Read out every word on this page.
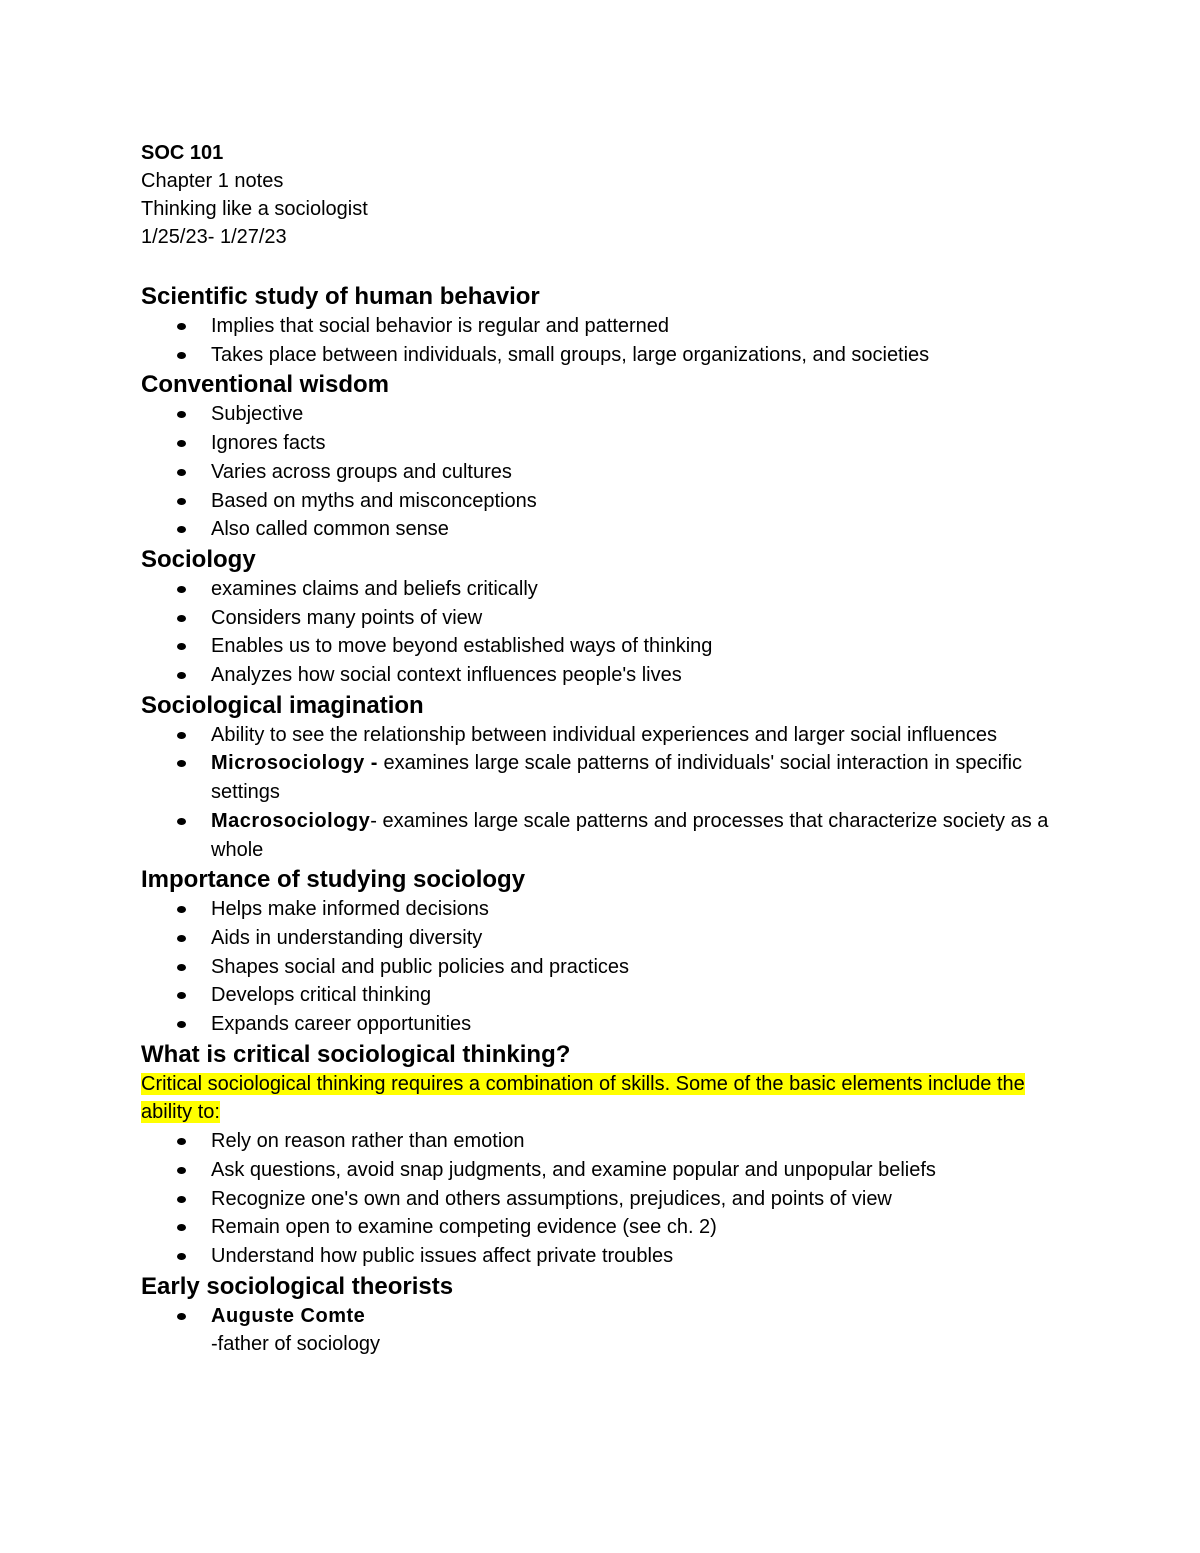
SOC 101
Chapter 1 notes
Thinking like a sociologist
1/25/23- 1/27/23
Scientific study of human behavior
Implies that social behavior is regular and patterned
Takes place between individuals, small groups, large organizations, and societies
Conventional wisdom
Subjective
Ignores facts
Varies across groups and cultures
Based on myths and misconceptions
Also called common sense
Sociology
examines claims and beliefs critically
Considers many points of view
Enables us to move beyond established ways of thinking
Analyzes how social context influences people's lives
Sociological imagination
Ability to see the relationship between individual experiences and larger social influences
Microsociology - examines large scale patterns of individuals' social interaction in specific settings
Macrosociology- examines large scale patterns and processes that characterize society as a whole
Importance of studying sociology
Helps make informed decisions
Aids in understanding diversity
Shapes social and public policies and practices
Develops critical thinking
Expands career opportunities
What is critical sociological thinking?

Critical sociological thinking requires a combination of skills. Some of the basic elements include the ability to:

Rely on reason rather than emotion
Ask questions, avoid snap judgments, and examine popular and unpopular beliefs
Recognize one's own and others assumptions, prejudices, and points of view
Remain open to examine competing evidence (see ch. 2)
Understand how public issues affect private troubles
Early sociological theorists
Auguste Comte
-father of sociology
